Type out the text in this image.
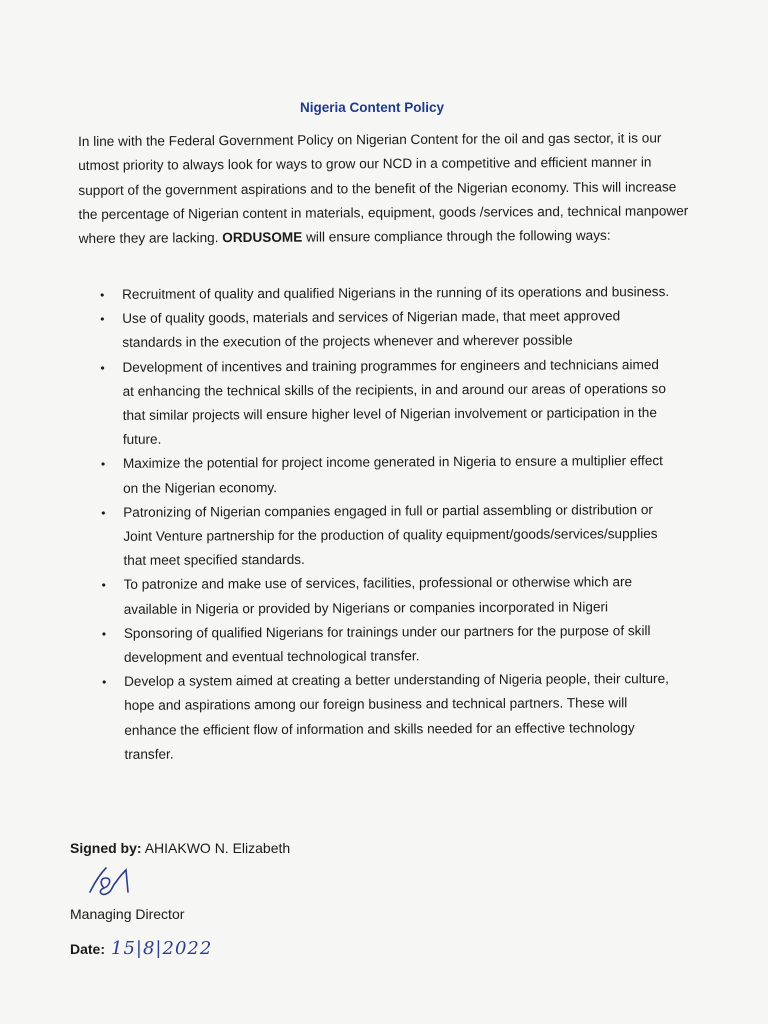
Nigeria Content Policy
In line with the Federal Government Policy on Nigerian Content for the oil and gas sector, it is our utmost priority to always look for ways to grow our NCD in a competitive and efficient manner in support of the government aspirations and to the benefit of the Nigerian economy. This will increase the percentage of Nigerian content in materials, equipment, goods /services and, technical manpower where they are lacking. ORDUSOME will ensure compliance through the following ways:
• Recruitment of quality and qualified Nigerians in the running of its operations and business.
• Use of quality goods, materials and services of Nigerian made, that meet approved standards in the execution of the projects whenever and wherever possible
• Development of incentives and training programmes for engineers and technicians aimed at enhancing the technical skills of the recipients, in and around our areas of operations so that similar projects will ensure higher level of Nigerian involvement or participation in the future.
• Maximize the potential for project income generated in Nigeria to ensure a multiplier effect on the Nigerian economy.
• Patronizing of Nigerian companies engaged in full or partial assembling or distribution or Joint Venture partnership for the production of quality equipment/goods/services/supplies that meet specified standards.
• To patronize and make use of services, facilities, professional or otherwise which are available in Nigeria or provided by Nigerians or companies incorporated in Nigeri
• Sponsoring of qualified Nigerians for trainings under our partners for the purpose of skill development and eventual technological transfer.
• Develop a system aimed at creating a better understanding of Nigeria people, their culture, hope and aspirations among our foreign business and technical partners. These will enhance the efficient flow of information and skills needed for an effective technology transfer.
Signed by: AHIAKWO N. Elizabeth
Managing Director
Date: 15|8|2022
